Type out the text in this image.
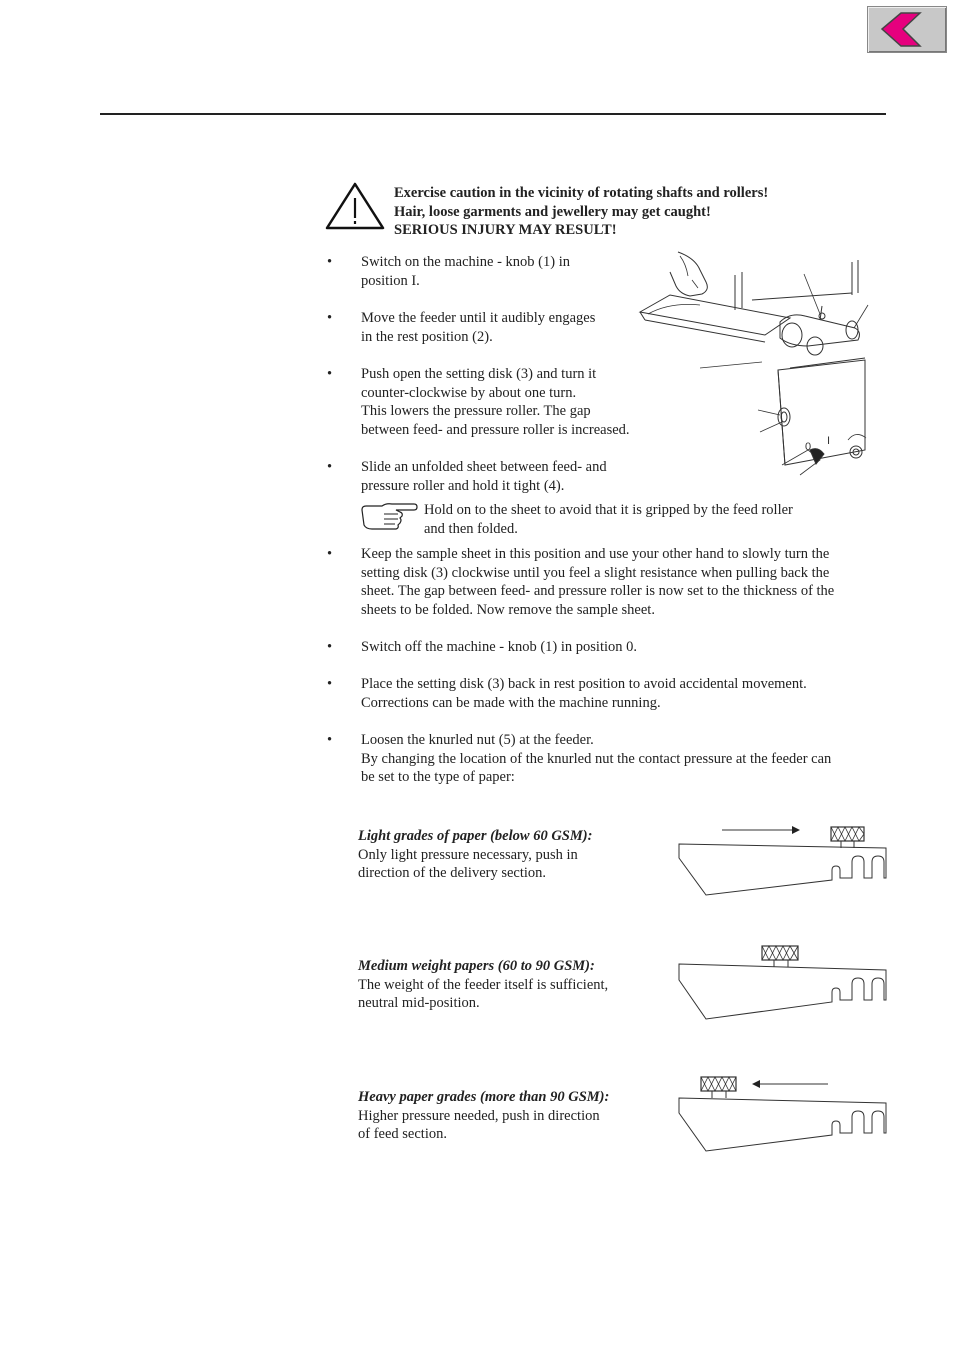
Exercise caution in the vicinity of rotating shafts and rollers!
Hair, loose garments and jewellery may get caught!
SERIOUS INJURY MAY RESULT!
• Switch on the machine - knob (1) in
position I.
• Move the feeder until it audibly engages
in the rest position (2).
• Push open the setting disk (3) and turn it
counter-clockwise by about one turn.
This lowers the pressure roller. The gap
between feed- and pressure roller is increased.
• Slide an unfolded sheet between feed- and
pressure roller and hold it tight (4).
Hold on to the sheet to avoid that it is gripped by the feed roller
and then folded.
• Keep the sample sheet in this position and use your other hand to slowly turn the
setting disk (3) clockwise until you feel a slight resistance when pulling back the
sheet. The gap between feed- and pressure roller is now set to the thickness of the
sheets to be folded. Now remove the sample sheet.
• Switch off the machine - knob (1) in position 0.
• Place the setting disk (3) back in rest position to avoid accidental movement.
Corrections can be made with the machine running.
• Loosen the knurled nut (5) at the feeder.
By changing the location of the knurled nut the contact pressure at the feeder can
be set to the type of paper:
0 I
Light grades of paper (below 60 GSM):
Only light pressure necessary, push in
direction of the delivery section.
Medium weight papers (60 to 90 GSM):
The weight of the feeder itself is sufficient,
neutral mid-position.
Heavy paper grades (more than 90 GSM):
Higher pressure needed, push in direction
of feed section.
